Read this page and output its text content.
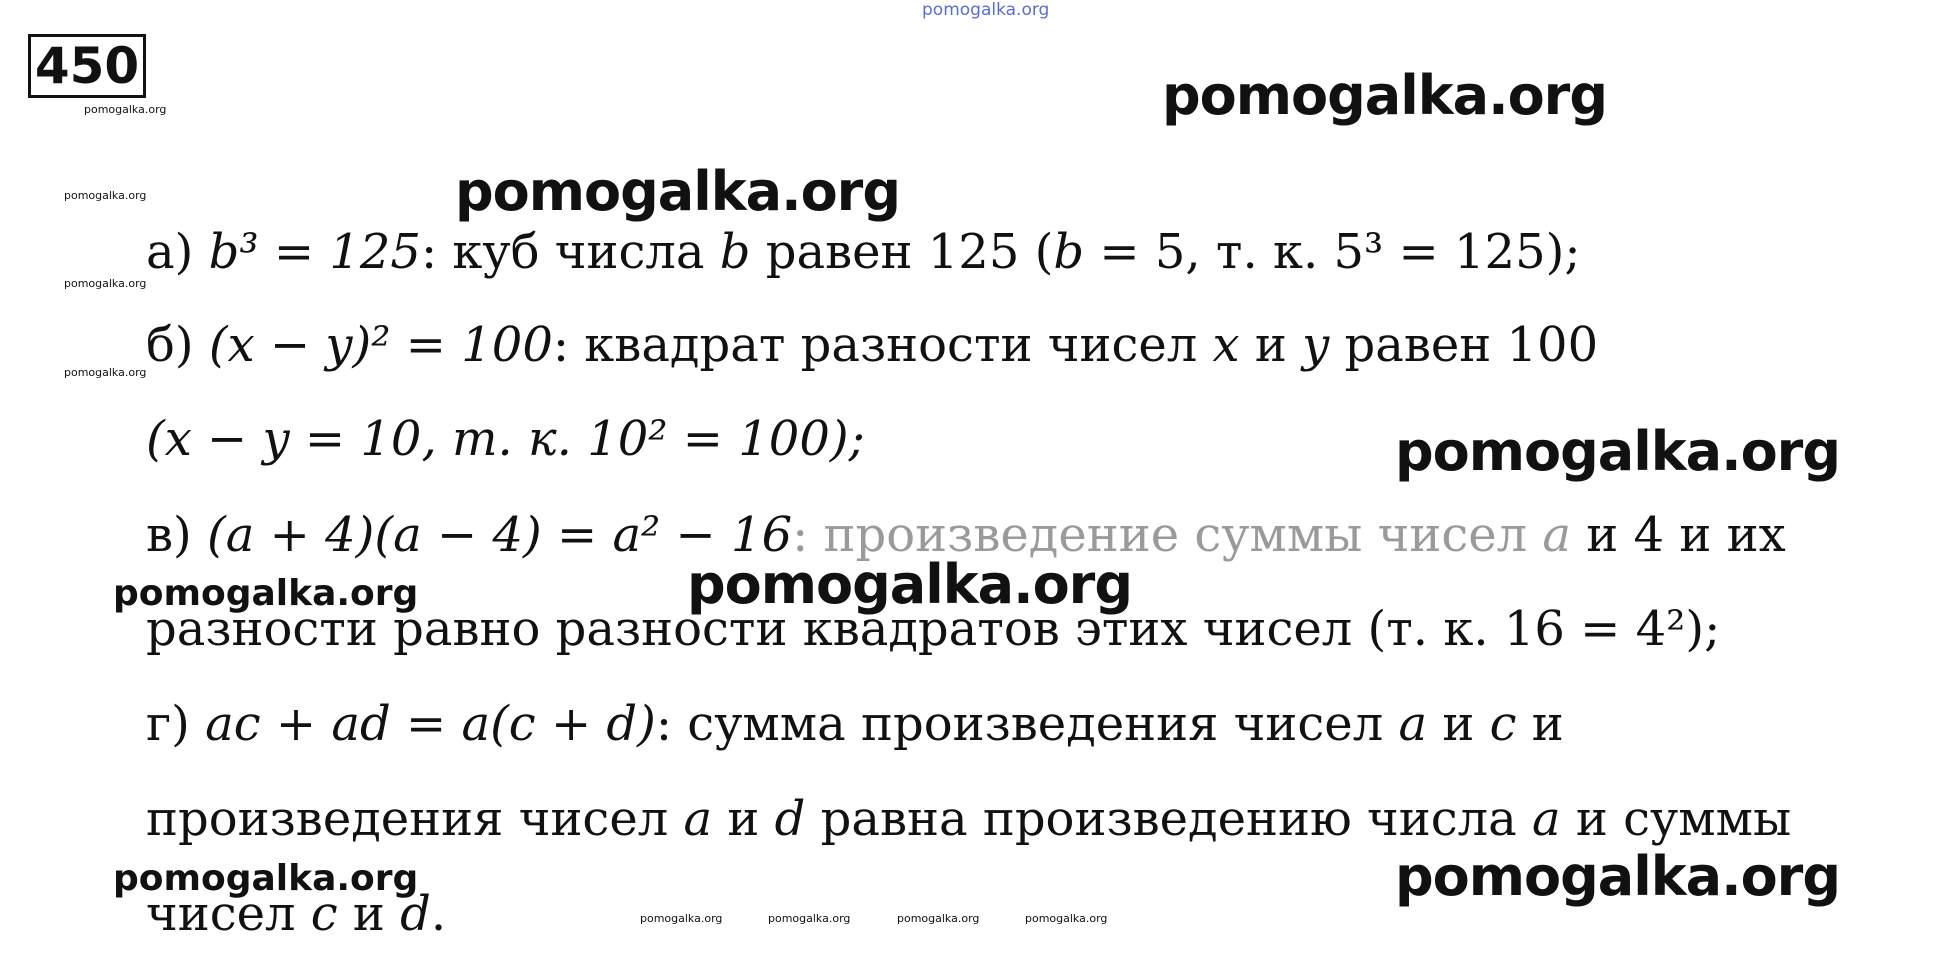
450
pomogalka.org
pomogalka.org
pomogalka.org
pomogalka.org
pomogalka.org
pomogalka.org	pomogalka.org	pomogalka.org	pomogalka.org
pomogalka.org
pomogalka.org
pomogalka.org
pomogalka.org
pomogalka.org
pomogalka.org
pomogalka.org
а) b³ = 125: куб числа b равен 125 (b = 5, т. к. 5³ = 125);
б) (x − y)² = 100: квадрат разности чисел x и y равен 100
(x − y = 10, т. к. 10² = 100);
в) (a + 4)(a − 4) = a² − 16: произведение суммы чисел a и 4 и их
разности равно разности квадратов этих чисел (т. к. 16 = 4²);
г) ac + ad = a(c + d): сумма произведения чисел a и c и
произведения чисел a и d равна произведению числа a и суммы
чисел c и d.
